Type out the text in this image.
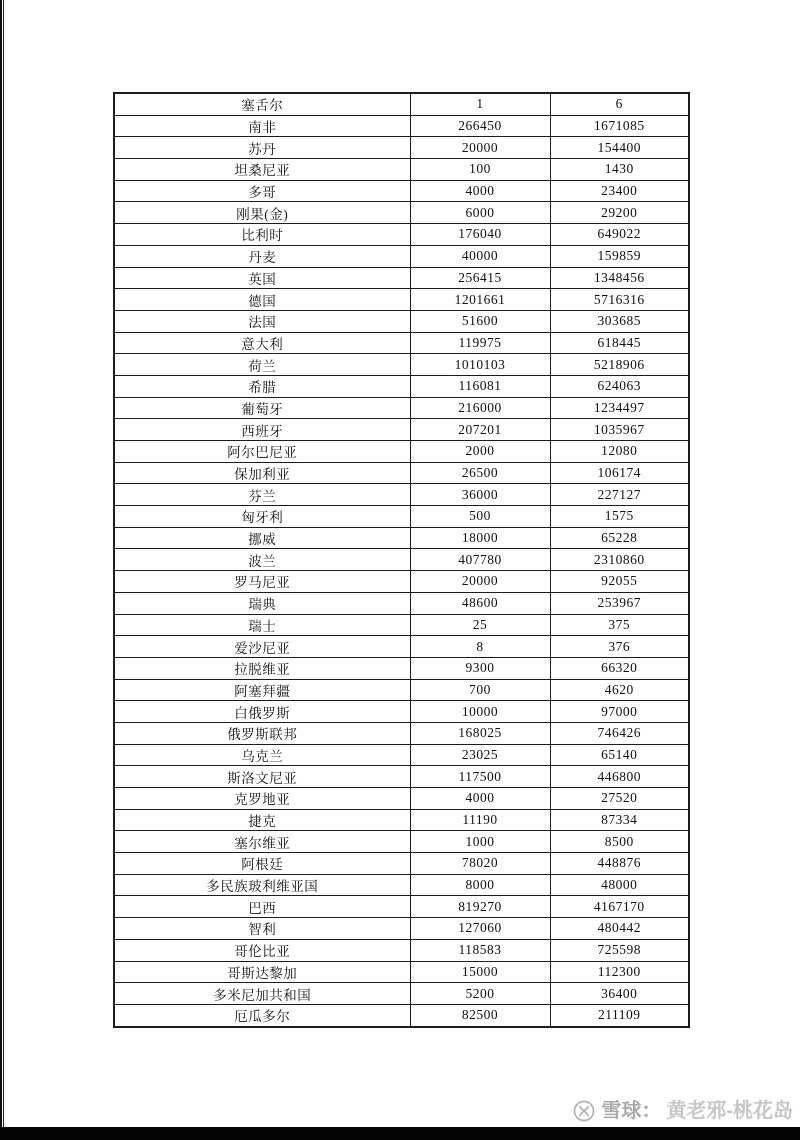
塞舌尔	1	6
南非	266450	1671085
苏丹	20000	154400
坦桑尼亚	100	1430
多哥	4000	23400
刚果(金)	6000	29200
比利时	176040	649022
丹麦	40000	159859
英国	256415	1348456
德国	1201661	5716316
法国	51600	303685
意大利	119975	618445
荷兰	1010103	5218906
希腊	116081	624063
葡萄牙	216000	1234497
西班牙	207201	1035967
阿尔巴尼亚	2000	12080
保加利亚	26500	106174
芬兰	36000	227127
匈牙利	500	1575
挪威	18000	65228
波兰	407780	2310860
罗马尼亚	20000	92055
瑞典	48600	253967
瑞士	25	375
爱沙尼亚	8	376
拉脱维亚	9300	66320
阿塞拜疆	700	4620
白俄罗斯	10000	97000
俄罗斯联邦	168025	746426
乌克兰	23025	65140
斯洛文尼亚	117500	446800
克罗地亚	4000	27520
捷克	11190	87334
塞尔维亚	1000	8500
阿根廷	78020	448876
多民族玻利维亚国	8000	48000
巴西	819270	4167170
智利	127060	480442
哥伦比亚	118583	725598
哥斯达黎加	15000	112300
多米尼加共和国	5200	36400
厄瓜多尔	82500	211109
雪球： 黄老邪-桃花岛
